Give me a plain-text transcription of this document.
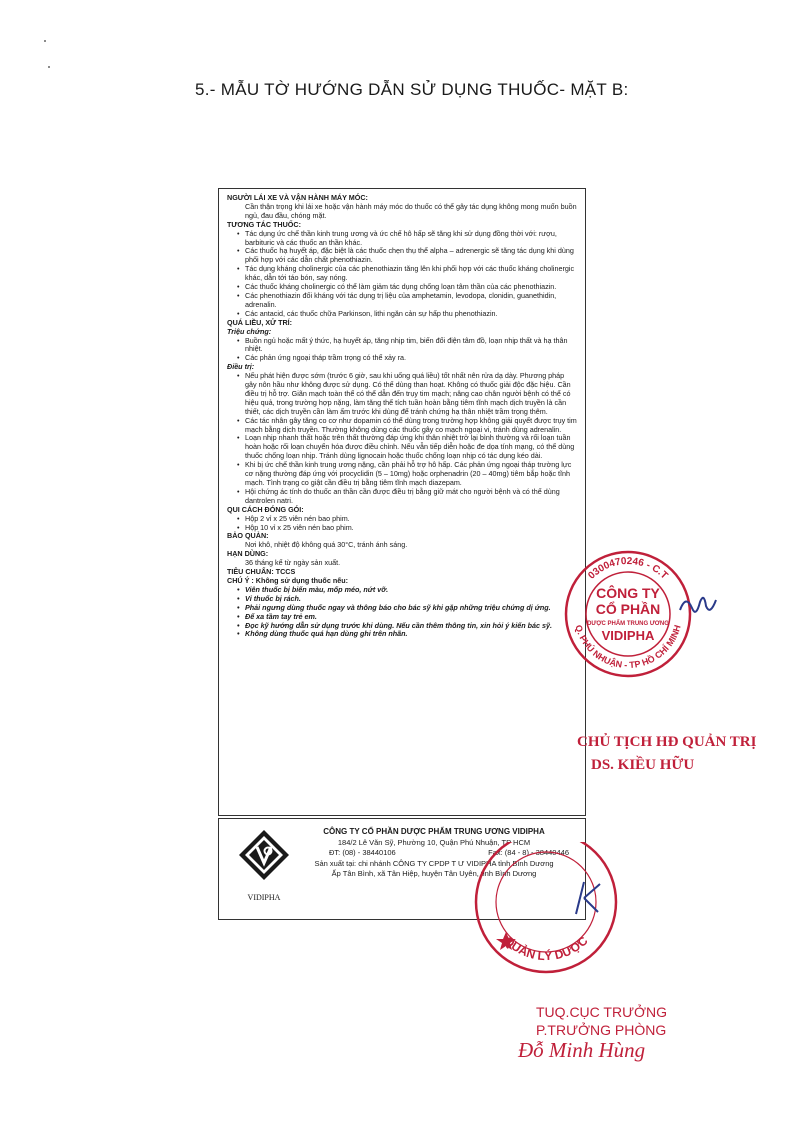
5.- MẪU TỜ HƯỚNG DẪN SỬ DỤNG THUỐC- MẶT B:
NGƯỜI LÁI XE VÀ VẬN HÀNH MÁY MÓC:
Cần thận trọng khi lái xe hoặc vận hành máy móc do thuốc có thể gây tác dụng không mong muốn buồn ngủ, đau đầu, chóng mặt.
TƯƠNG TÁC THUỐC:
• Tác dụng ức chế thần kinh trung ương và ức chế hô hấp sẽ tăng khi sử dụng đồng thời với: rượu, barbituric và các thuốc an thần khác.
• Các thuốc hạ huyết áp, đặc biệt là các thuốc chẹn thụ thể alpha – adrenergic sẽ tăng tác dụng khi dùng phối hợp với các dẫn chất phenothiazin.
• Tác dụng kháng cholinergic của các phenothiazin tăng lên khi phối hợp với các thuốc kháng cholinergic khác, dẫn tới táo bón, say nóng.
• Các thuốc kháng cholinergic có thể làm giảm tác dụng chống loạn tâm thần của các phenothiazin.
• Các phenothiazin đối kháng với tác dụng trị liệu của amphetamin, levodopa, clonidin, guanethidin, adrenalin.
• Các antacid, các thuốc chữa Parkinson, lithi ngăn cản sự hấp thu phenothiazin.
QUÁ LIỀU, XỬ TRÍ:
Triệu chứng:
• Buồn ngủ hoặc mất ý thức, hạ huyết áp, tăng nhịp tim, biến đổi điện tâm đồ, loạn nhịp thất và hạ thân nhiệt.
• Các phản ứng ngoại tháp trầm trọng có thể xảy ra.
Điều trị:
• Nếu phát hiện được sớm (trước 6 giờ, sau khi uống quá liều) tốt nhất nên rửa dạ dày. Phương pháp gây nôn hầu như không được sử dụng. Có thể dùng than hoạt. Không có thuốc giải độc đặc hiệu. Cần điều trị hỗ trợ. Giãn mạch toàn thể có thể dẫn đến trụy tim mạch; nâng cao chân người bệnh có thể có hiệu quả, trong trường hợp nặng, làm tăng thể tích tuần hoàn bằng tiêm tĩnh mạch dịch truyền là cần thiết, các dịch truyền cần làm ấm trước khi dùng để tránh chứng hạ thân nhiệt trầm trọng thêm.
• Các tác nhân gây tăng co cơ như dopamin có thể dùng trong trường hợp không giải quyết được trụy tim mạch bằng dịch truyền. Thường không dùng các thuốc gây co mạch ngoại vi, tránh dùng adrenalin.
• Loạn nhịp nhanh thất hoặc trên thất thường đáp ứng khi thân nhiệt trở lại bình thường và rối loạn tuần hoàn hoặc rối loạn chuyển hóa được điều chỉnh. Nếu vẫn tiếp diễn hoặc đe dọa tính mạng, có thể dùng thuốc chống loạn nhịp. Tránh dùng lignocain hoặc thuốc chống loạn nhịp có tác dụng kéo dài.
• Khi bị ức chế thần kinh trung ương nặng, cần phải hỗ trợ hô hấp. Các phản ứng ngoại tháp trường lực cơ nặng thường đáp ứng với procyclidin (5 – 10mg) hoặc orphenadrin (20 – 40mg) tiêm bắp hoặc tĩnh mạch. Tình trạng co giật cần điều trị bằng tiêm tĩnh mạch diazepam.
• Hội chứng ác tính do thuốc an thần cần được điều trị bằng giữ mát cho người bệnh và có thể dùng dantrolen natri.
QUI CÁCH ĐÓNG GÓI:
• Hộp 2 vỉ x 25 viên nén bao phim.
• Hộp 10 vỉ x 25 viên nén bao phim.
BẢO QUẢN:
Nơi khô, nhiệt độ không quá 30°C, tránh ánh sáng.
HẠN DÙNG:
36 tháng kể từ ngày sản xuất.
TIÊU CHUẨN: TCCS
CHÚ Ý : Không sử dụng thuốc nếu:
• Viên thuốc bị biến màu, mốp méo, nứt vỡ.
• Vỉ thuốc bị rách.
• Phải ngưng dùng thuốc ngay và thông báo cho bác sỹ khi gặp những triệu chứng dị ứng.
• Để xa tầm tay trẻ em.
• Đọc kỹ hướng dẫn sử dụng trước khi dùng. Nếu cần thêm thông tin, xin hỏi ý kiến bác sỹ.
• Không dùng thuốc quá hạn dùng ghi trên nhãn.
VIDIPHA
CÔNG TY CỔ PHẦN DƯỢC PHẨM TRUNG ƯƠNG VIDIPHA
184/2 Lê Văn Sỹ, Phường 10, Quận Phú Nhuận, TP HCM
ĐT: (08) - 38440106	Fax: (84 - 8) - 38440446
Sản xuất tại: chi nhánh CÔNG TY CPDP T Ư VIDIPHA tỉnh Bình Dương
Ấp Tân Bình, xã Tân Hiệp, huyện Tân Uyên, tỉnh Bình Dương
0300470246 - C.T
Q. PHÚ NHUẬN - TP HỒ CHÍ MINH
CÔNG TY
CỔ PHẦN
DƯỢC PHẨM TRUNG ƯƠNG
VIDIPHA
CHỦ TỊCH HĐ QUẢN TRỊ
DS. KIỀU HỮU
QUẢN LÝ DƯỢC
TUQ.CỤC TRƯỞNG
P.TRƯỞNG PHÒNG
Đỗ Minh Hùng
